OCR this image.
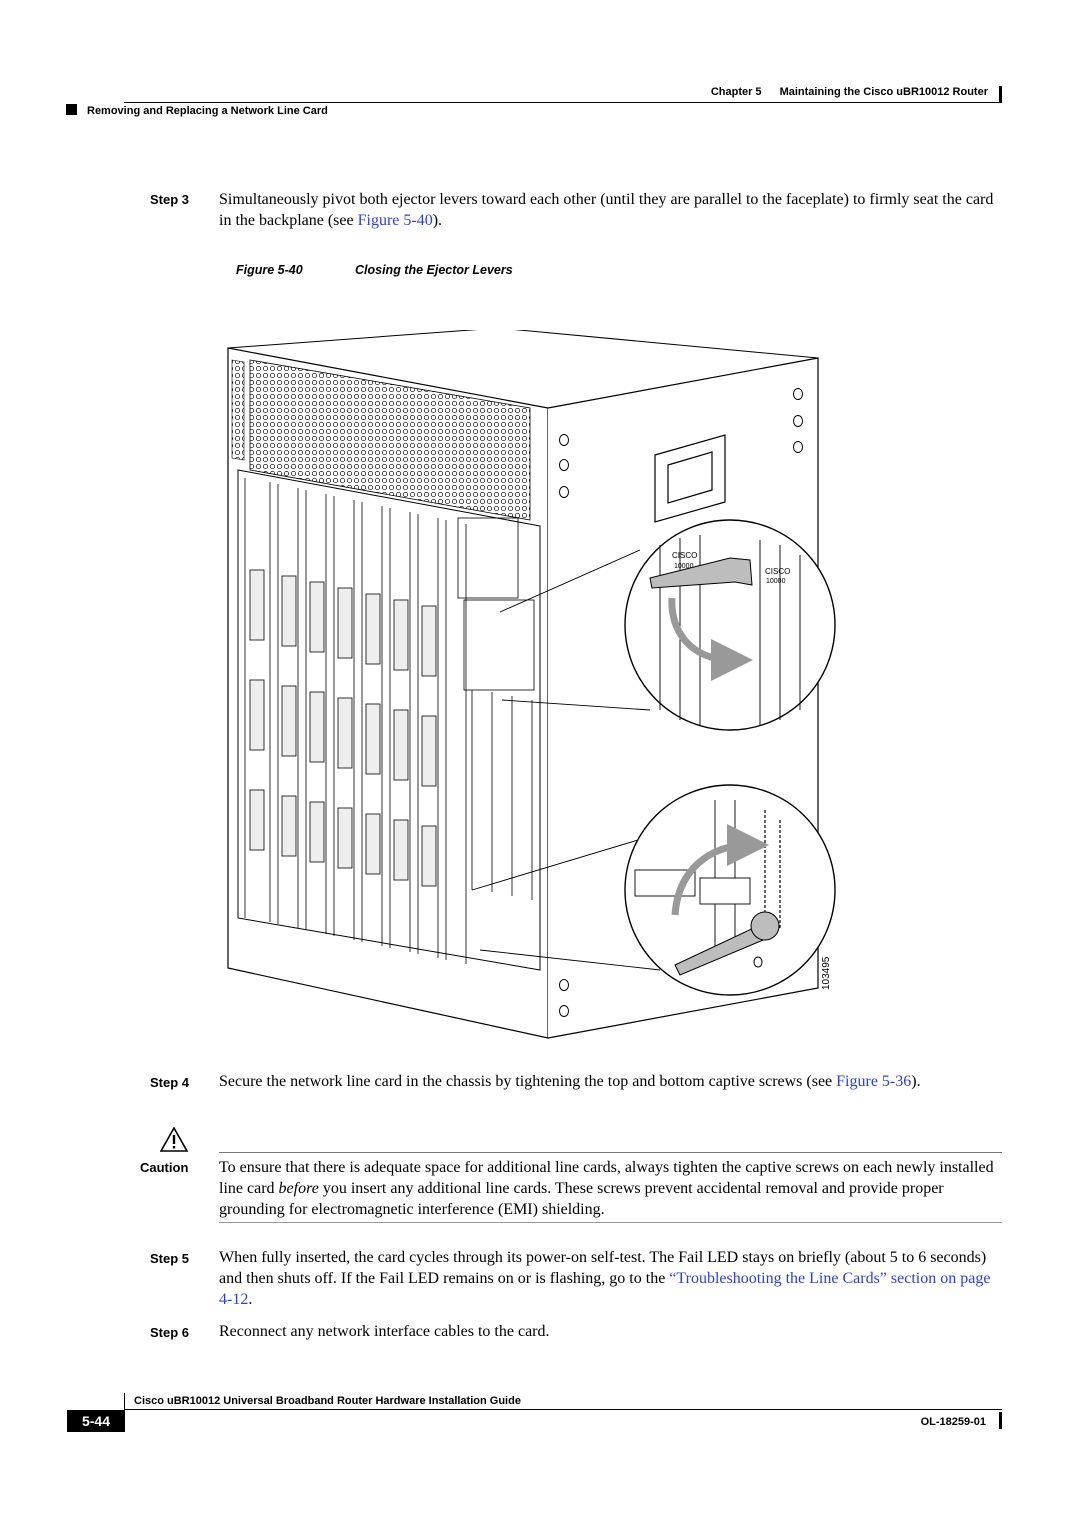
Chapter 5 Maintaining the Cisco uBR10012 Router
Removing and Replacing a Network Line Card
Step 3 Simultaneously pivot both ejector levers toward each other (until they are parallel to the faceplate) to firmly seat the card in the backplane (see Figure 5-40).
Figure 5-40	Closing the Ejector Levers
CISCO
10000
CISCO
10000
103495
Step 4 Secure the network line card in the chassis by tightening the top and bottom captive screws (see Figure 5-36).
Caution To ensure that there is adequate space for additional line cards, always tighten the captive screws on each newly installed line card before you insert any additional line cards. These screws prevent accidental removal and provide proper grounding for electromagnetic interference (EMI) shielding.
Step 5 When fully inserted, the card cycles through its power-on self-test. The Fail LED stays on briefly (about 5 to 6 seconds) and then shuts off. If the Fail LED remains on or is flashing, go to the “Troubleshooting the Line Cards” section on page 4-12.
Step 6 Reconnect any network interface cables to the card.
Cisco uBR10012 Universal Broadband Router Hardware Installation Guide
5-44	OL-18259-01
